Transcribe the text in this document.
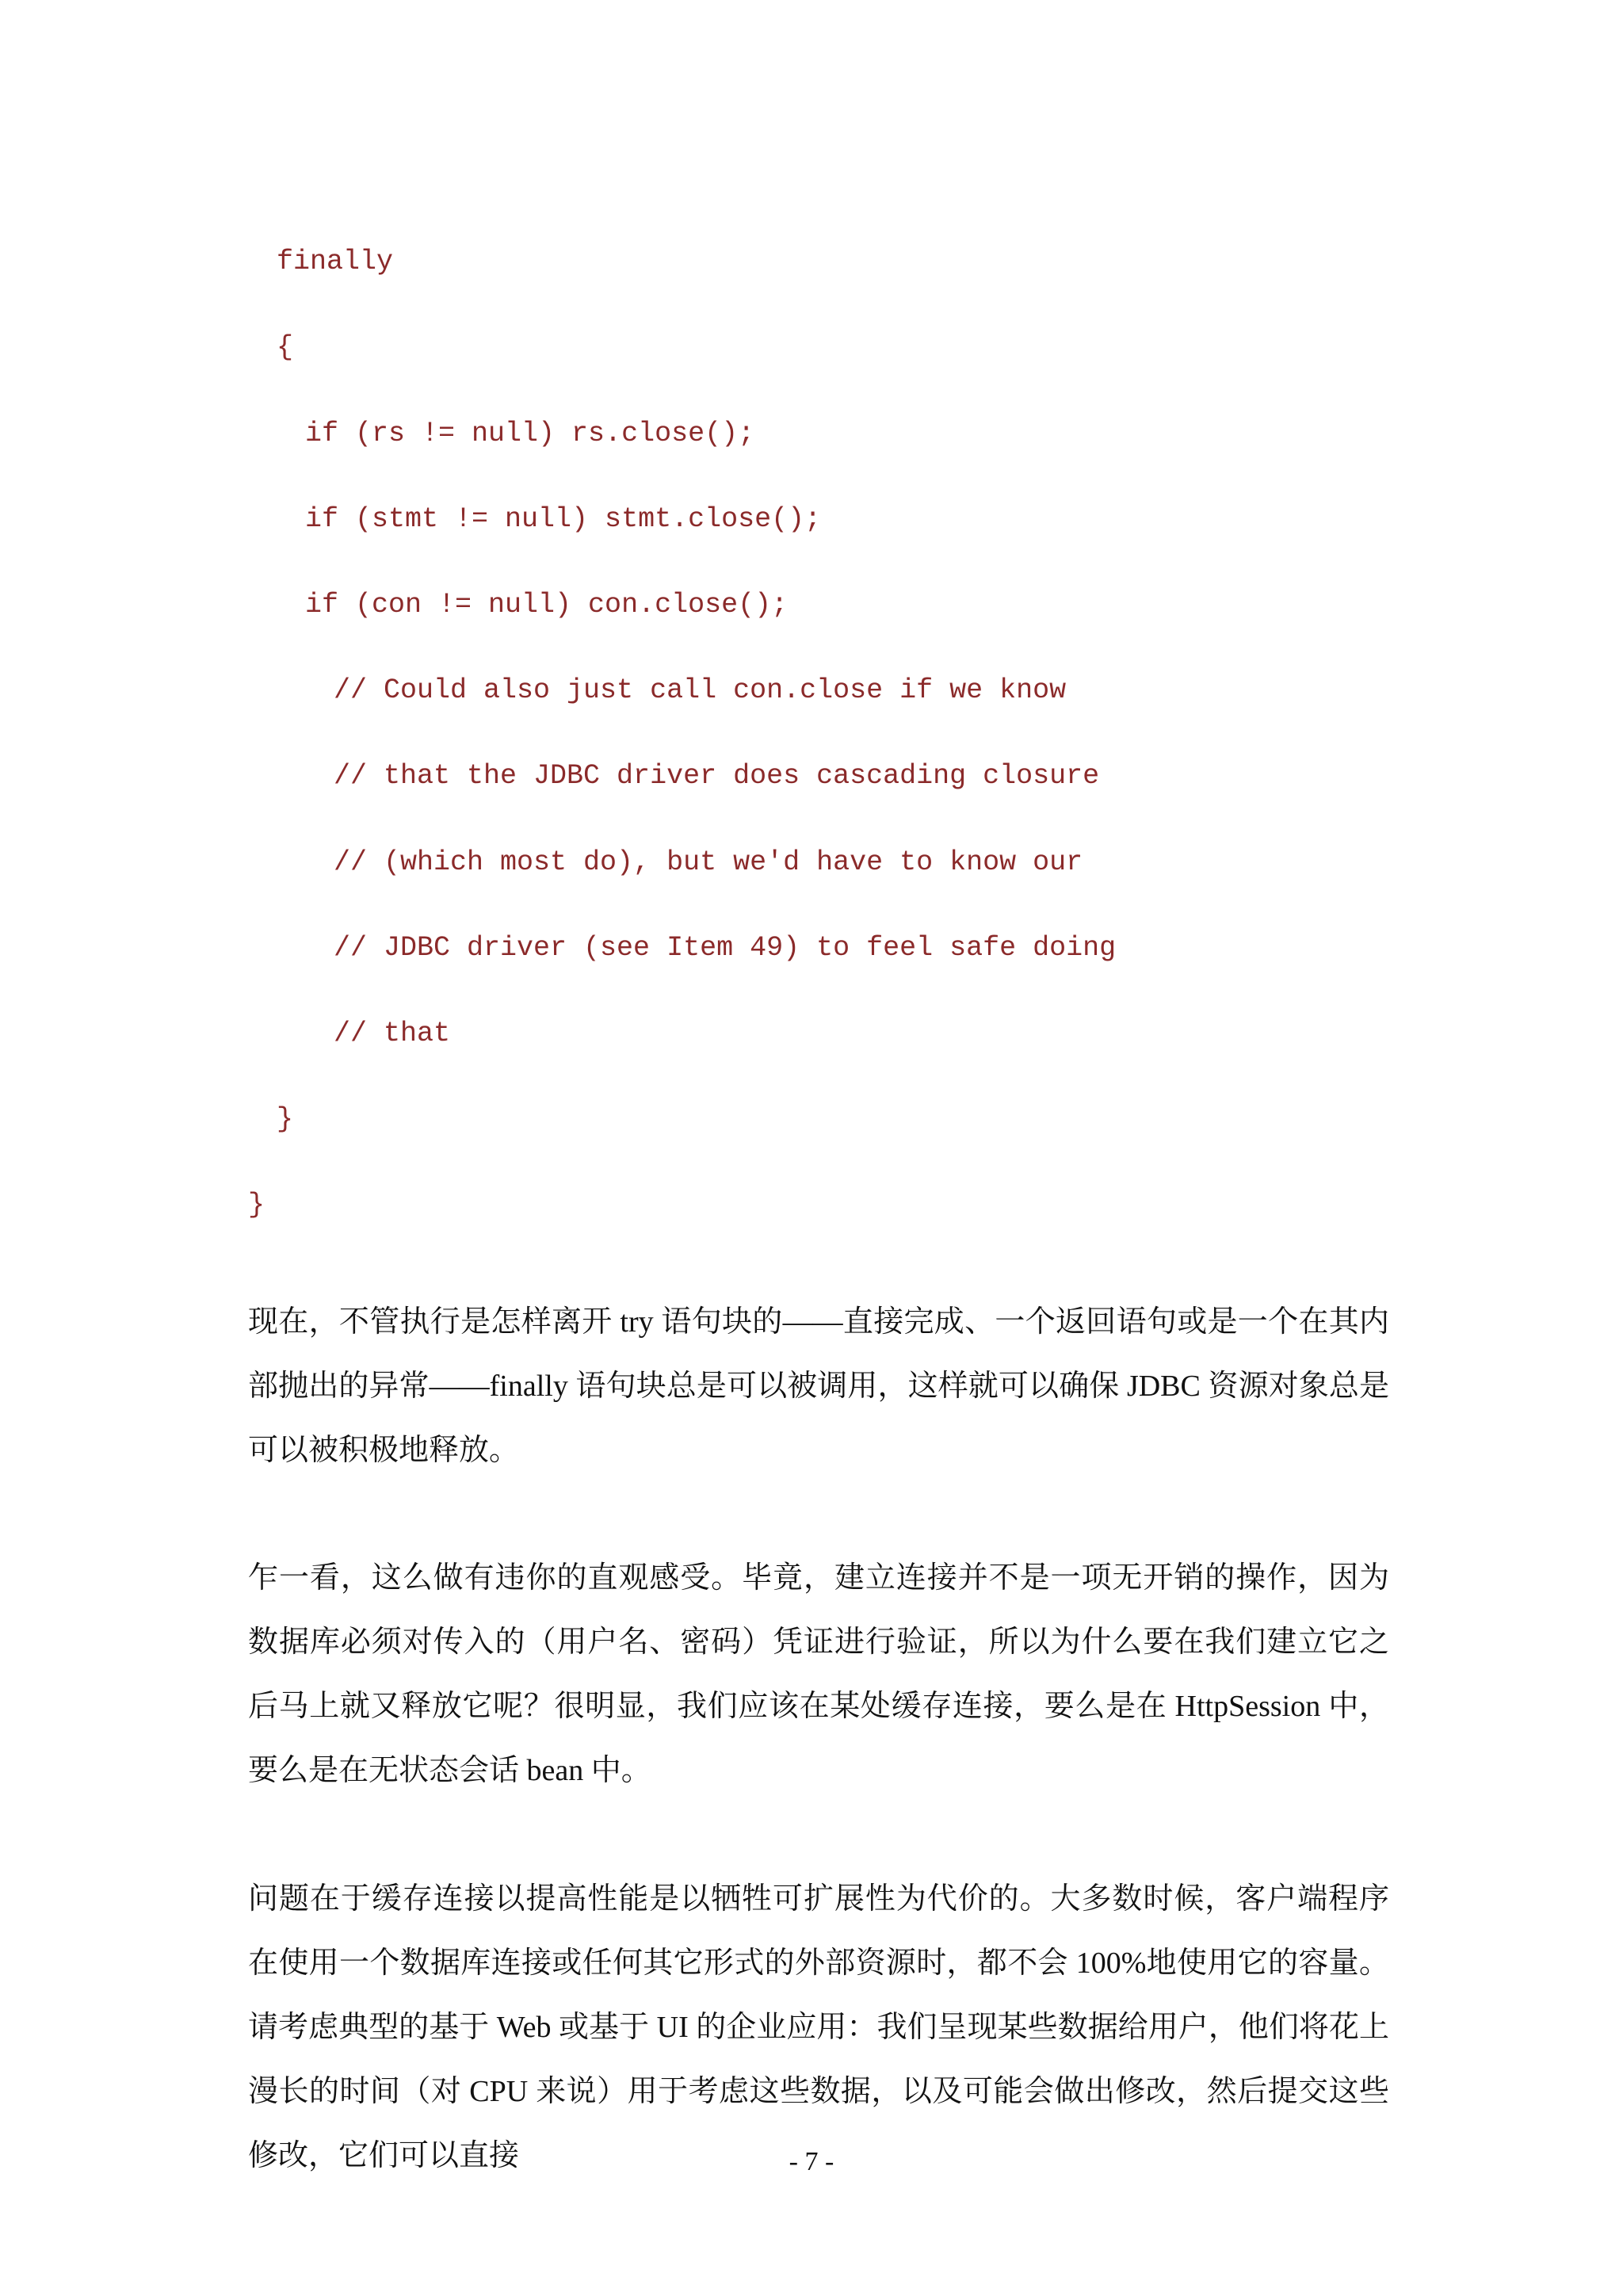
finally
{
if (rs != null) rs.close();
if (stmt != null) stmt.close();
if (con != null) con.close();
// Could also just call con.close if we know
// that the JDBC driver does cascading closure
// (which most do), but we'd have to know our
// JDBC driver (see Item 49) to feel safe doing
// that
}
}

现在，不管执行是怎样离开 try 语句块的——直接完成、一个返回语句或是一个在其内部抛出的异常——finally 语句块总是可以被调用，这样就可以确保 JDBC 资源对象总是可以被积极地释放。

乍一看，这么做有违你的直观感受。毕竟，建立连接并不是一项无开销的操作，因为数据库必须对传入的（用户名、密码）凭证进行验证，所以为什么要在我们建立它之后马上就又释放它呢？很明显，我们应该在某处缓存连接，要么是在 HttpSession 中，要么是在无状态会话 bean 中。

问题在于缓存连接以提高性能是以牺牲可扩展性为代价的。大多数时候，客户端程序在使用一个数据库连接或任何其它形式的外部资源时，都不会 100%地使用它的容量。请考虑典型的基于 Web 或基于 UI 的企业应用：我们呈现某些数据给用户，他们将花上漫长的时间（对 CPU 来说）用于考虑这些数据，以及可能会做出修改，然后提交这些修改，它们可以直接	- 7 -
